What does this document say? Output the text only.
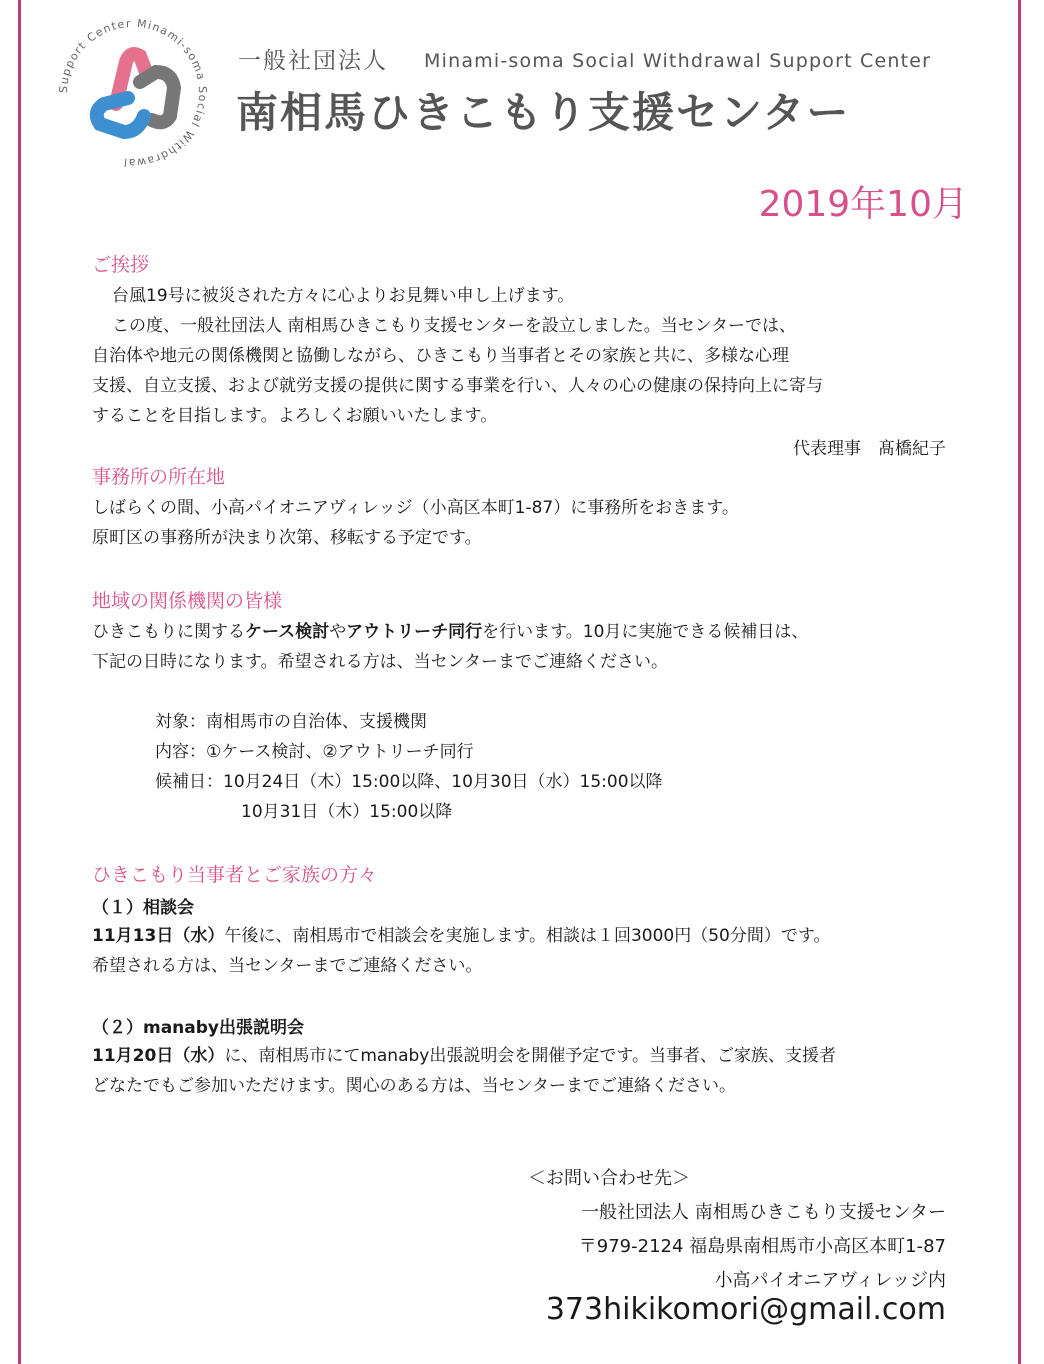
Support Center Minami-soma Social Withdrawal
一般社団法人 Minami-soma Social Withdrawal Support Center
南相馬ひきこもり支援センター
2019年10月
ご挨拶

台風19号に被災された方々に心よりお見舞い申し上げます。

この度、一般社団法人 南相馬ひきこもり支援センターを設立しました。当センターでは、

自治体や地元の関係機関と協働しながら、ひきこもり当事者とその家族と共に、多様な心理

支援、自立支援、および就労支援の提供に関する事業を行い、人々の心の健康の保持向上に寄与

することを目指します。よろしくお願いいたします。

代表理事　髙橋紀子
事務所の所在地

しばらくの間、小高パイオニアヴィレッジ（小高区本町1-87）に事務所をおきます。

原町区の事務所が決まり次第、移転する予定です。

地域の関係機関の皆様

ひきこもりに関するケース検討やアウトリーチ同行を行います。10月に実施できる候補日は、

下記の日時になります。希望される方は、当センターまでご連絡ください。

対象：南相馬市の自治体、支援機関

内容：①ケース検討、②アウトリーチ同行

候補日：10月24日（木）15:00以降、10月30日（水）15:00以降

10月31日（木）15:00以降

ひきこもり当事者とご家族の方々
（１）相談会

11月13日（水）午後に、南相馬市で相談会を実施します。相談は１回3000円（50分間）です。

希望される方は、当センターまでご連絡ください。

（２）manaby出張説明会

11月20日（水）に、南相馬市にてmanaby出張説明会を開催予定です。当事者、ご家族、支援者

どなたでもご参加いただけます。関心のある方は、当センターまでご連絡ください。

＜お問い合わせ先＞

一般社団法人 南相馬ひきこもり支援センター

〒979-2124 福島県南相馬市小高区本町1-87

小高パイオニアヴィレッジ内

373hikikomori@gmail.com
